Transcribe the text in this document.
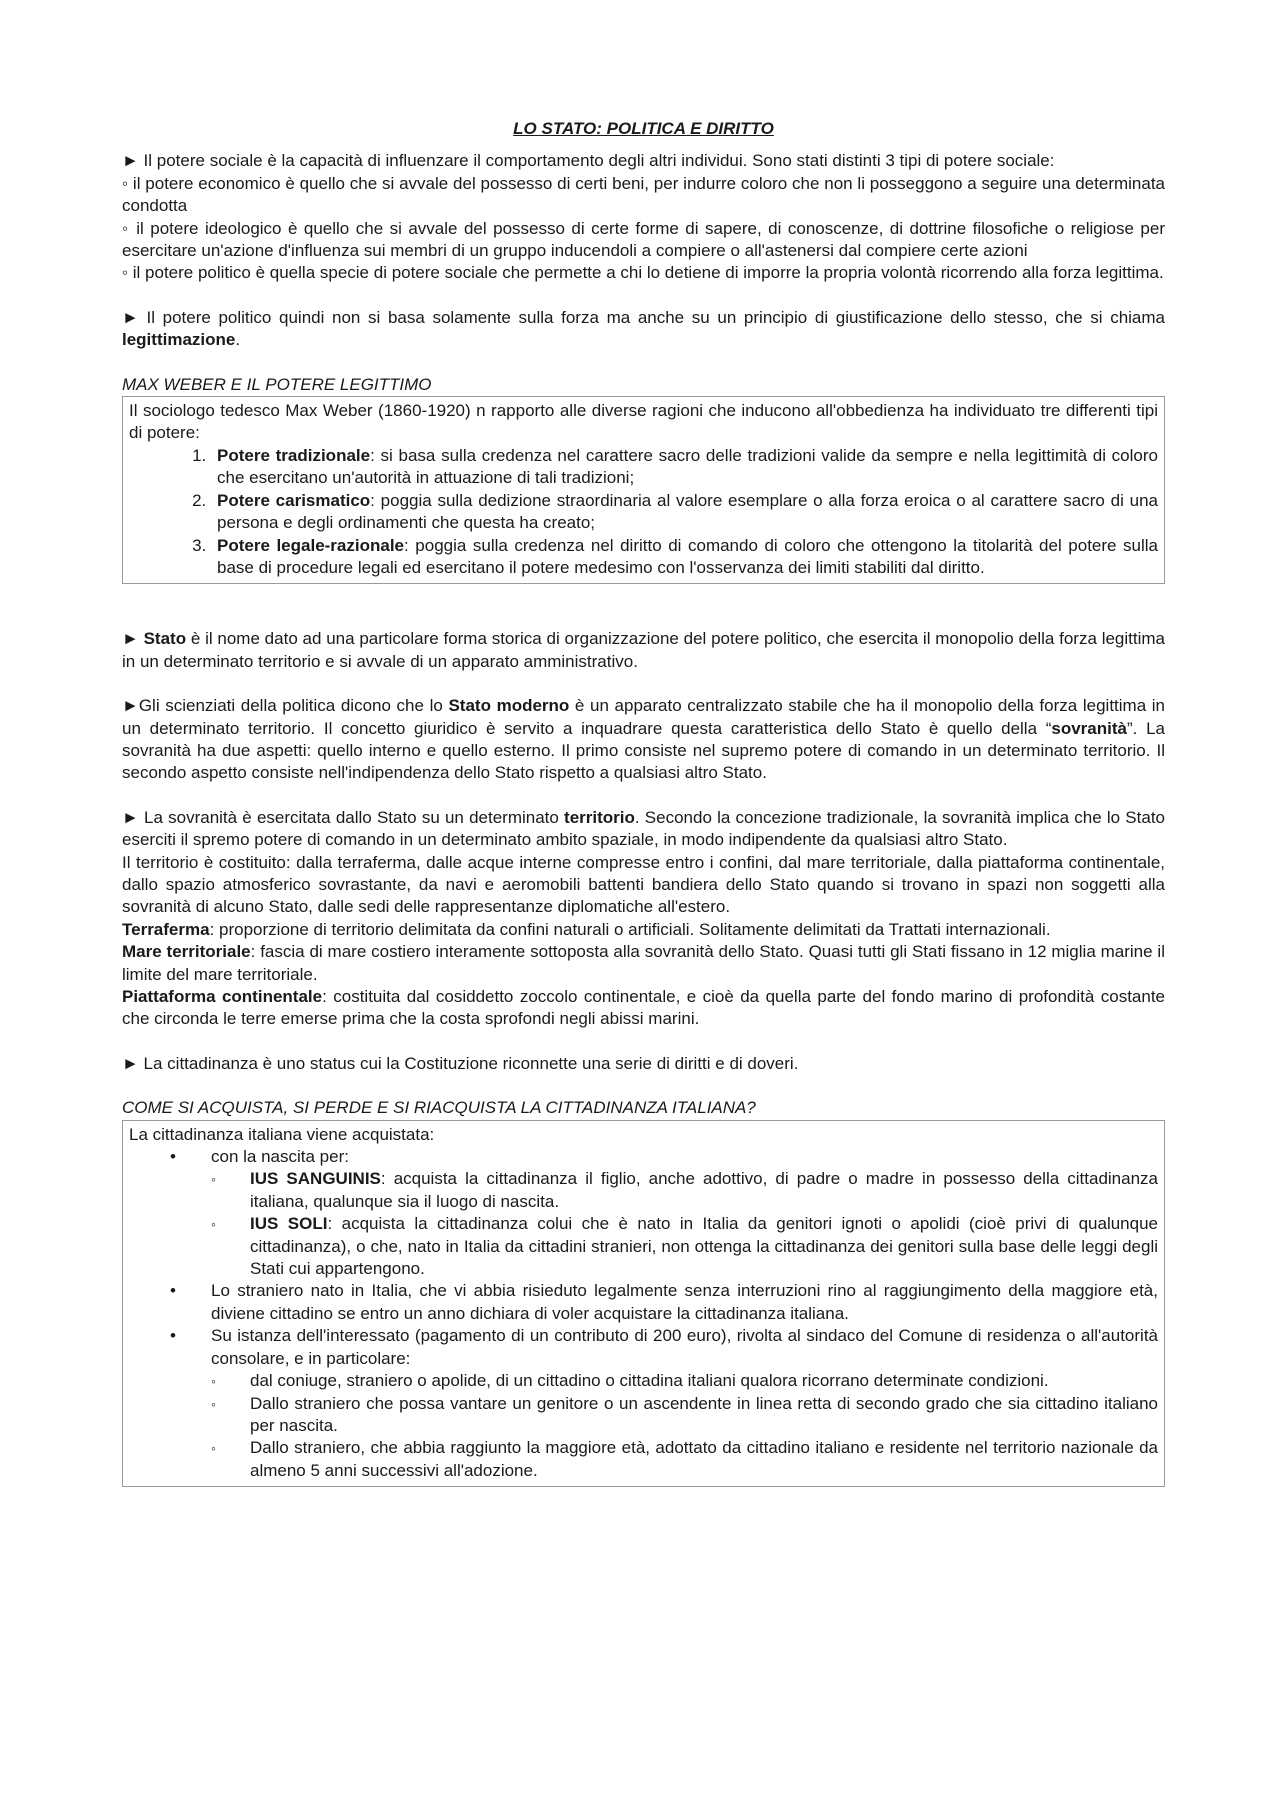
LO STATO: POLITICA E DIRITTO

► Il potere sociale è la capacità di influenzare il comportamento degli altri individui. Sono stati distinti 3 tipi di potere sociale:

◦ il potere economico è quello che si avvale del possesso di certi beni, per indurre coloro che non li posseggono a seguire una determinata condotta

◦ il potere ideologico è quello che si avvale del possesso di certe forme di sapere, di conoscenze, di dottrine filosofiche o religiose per esercitare un'azione d'influenza sui membri di un gruppo inducendoli a compiere o all'astenersi dal compiere certe azioni

◦ il potere politico è quella specie di potere sociale che permette a chi lo detiene di imporre la propria volontà ricorrendo alla forza legittima.

► Il potere politico quindi non si basa solamente sulla forza ma anche su un principio di giustificazione dello stesso, che si chiama legittimazione.

MAX WEBER E IL POTERE LEGITTIMO

Il sociologo tedesco Max Weber (1860-1920) n rapporto alle diverse ragioni che inducono all'obbedienza ha individuato tre differenti tipi di potere:

1. Potere tradizionale: si basa sulla credenza nel carattere sacro delle tradizioni valide da sempre e nella legittimità di coloro che esercitano un'autorità in attuazione di tali tradizioni;
2. Potere carismatico: poggia sulla dedizione straordinaria al valore esemplare o alla forza eroica o al carattere sacro di una persona e degli ordinamenti che questa ha creato;
3. Potere legale-razionale: poggia sulla credenza nel diritto di comando di coloro che ottengono la titolarità del potere sulla base di procedure legali ed esercitano il potere medesimo con l'osservanza dei limiti stabiliti dal diritto.

► Stato è il nome dato ad una particolare forma storica di organizzazione del potere politico, che esercita il monopolio della forza legittima in un determinato territorio e si avvale di un apparato amministrativo.

►Gli scienziati della politica dicono che lo Stato moderno è un apparato centralizzato stabile che ha il monopolio della forza legittima in un determinato territorio. Il concetto giuridico è servito a inquadrare questa caratteristica dello Stato è quello della “sovranità”. La sovranità ha due aspetti: quello interno e quello esterno. Il primo consiste nel supremo potere di comando in un determinato territorio. Il secondo aspetto consiste nell'indipendenza dello Stato rispetto a qualsiasi altro Stato.

► La sovranità è esercitata dallo Stato su un determinato territorio. Secondo la concezione tradizionale, la sovranità implica che lo Stato eserciti il spremo potere di comando in un determinato ambito spaziale, in modo indipendente da qualsiasi altro Stato.

Il territorio è costituito: dalla terraferma, dalle acque interne compresse entro i confini, dal mare territoriale, dalla piattaforma continentale, dallo spazio atmosferico sovrastante, da navi e aeromobili battenti bandiera dello Stato quando si trovano in spazi non soggetti alla sovranità di alcuno Stato, dalle sedi delle rappresentanze diplomatiche all'estero.

Terraferma: proporzione di territorio delimitata da confini naturali o artificiali. Solitamente delimitati da Trattati internazionali.

Mare territoriale: fascia di mare costiero interamente sottoposta alla sovranità dello Stato. Quasi tutti gli Stati fissano in 12 miglia marine il limite del mare territoriale.

Piattaforma continentale: costituita dal cosiddetto zoccolo continentale, e cioè da quella parte del fondo marino di profondità costante che circonda le terre emerse prima che la costa sprofondi negli abissi marini.

► La cittadinanza è uno status cui la Costituzione riconnette una serie di diritti e di doveri.

COME SI ACQUISTA, SI PERDE E SI RIACQUISTA LA CITTADINANZA ITALIANA?

La cittadinanza italiana viene acquistata:

• con la nascita per:
◦ IUS SANGUINIS: acquista la cittadinanza il figlio, anche adottivo, di padre o madre in possesso della cittadinanza italiana, qualunque sia il luogo di nascita.
◦ IUS SOLI: acquista la cittadinanza colui che è nato in Italia da genitori ignoti o apolidi (cioè privi di qualunque cittadinanza), o che, nato in Italia da cittadini stranieri, non ottenga la cittadinanza dei genitori sulla base delle leggi degli Stati cui appartengono.
• Lo straniero nato in Italia, che vi abbia risieduto legalmente senza interruzioni rino al raggiungimento della maggiore età, diviene cittadino se entro un anno dichiara di voler acquistare la cittadinanza italiana.
• Su istanza dell'interessato (pagamento di un contributo di 200 euro), rivolta al sindaco del Comune di residenza o all'autorità consolare, e in particolare:
◦ dal coniuge, straniero o apolide, di un cittadino o cittadina italiani qualora ricorrano determinate condizioni.
◦ Dallo straniero che possa vantare un genitore o un ascendente in linea retta di secondo grado che sia cittadino italiano per nascita.
◦ Dallo straniero, che abbia raggiunto la maggiore età, adottato da cittadino italiano e residente nel territorio nazionale da almeno 5 anni successivi all'adozione.
